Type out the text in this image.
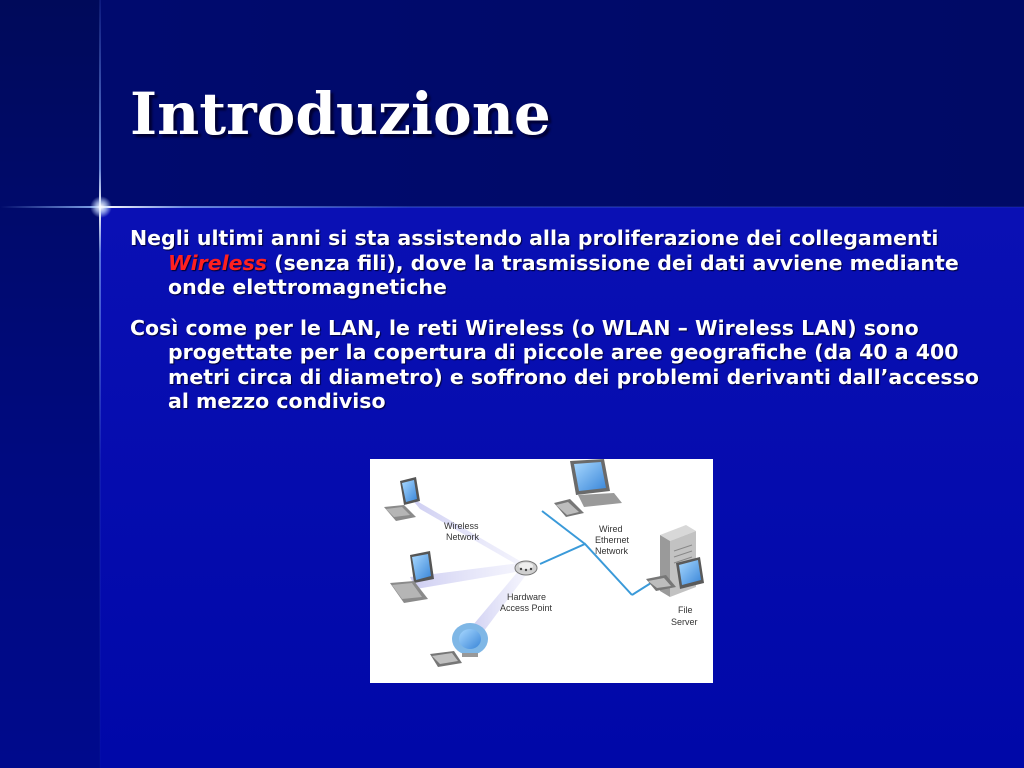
Introduzione
Negli ultimi anni si sta assistendo alla proliferazione dei collegamenti Wireless (senza fili), dove la trasmissione dei dati avviene mediante onde elettromagnetiche
Così come per le LAN, le reti Wireless (o WLAN – Wireless LAN) sono progettate per la copertura di piccole aree geografiche (da 40 a 400 metri circa di diametro) e soffrono dei problemi derivanti dall’accesso al mezzo condiviso
Wireless
Network
Wired
Ethernet
Network
Hardware
Access Point	File
Server
